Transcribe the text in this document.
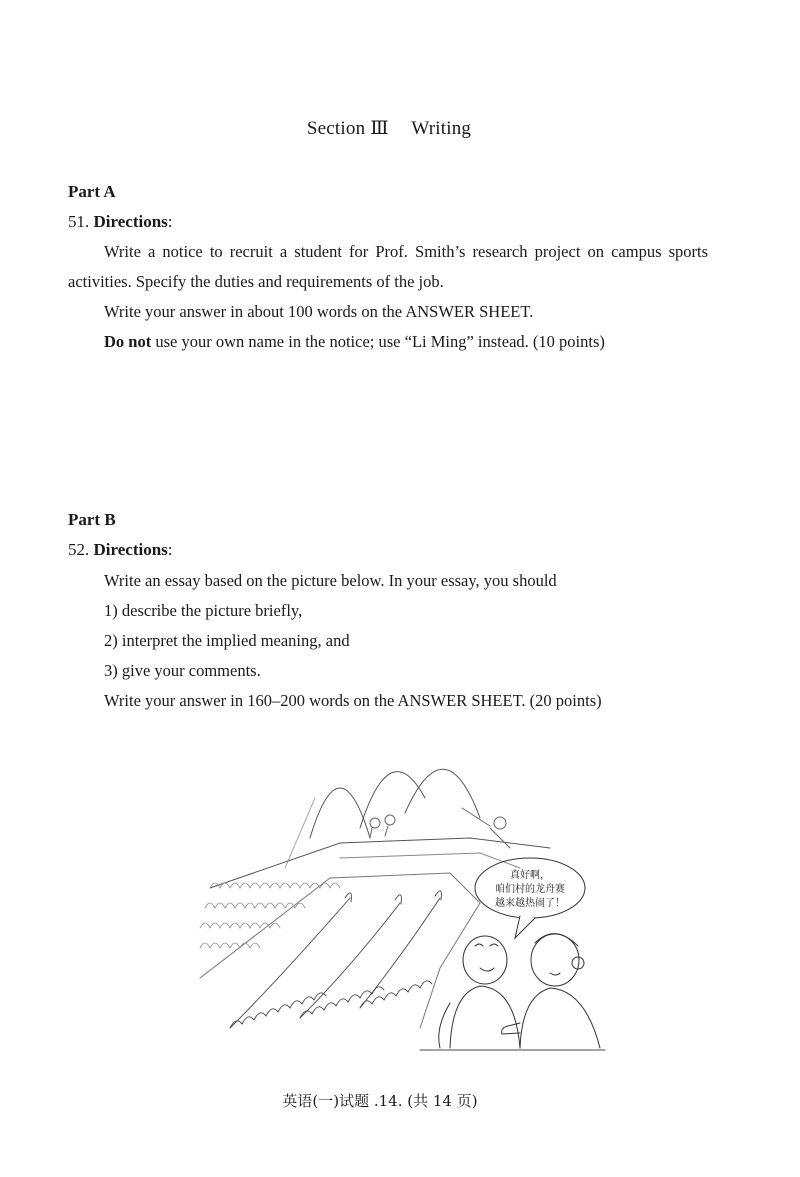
Section Ⅲ Writing
Part A
51. Directions:
Write a notice to recruit a student for Prof. Smith’s research project on campus sports activities. Specify the duties and requirements of the job.
Write your answer in about 100 words on the ANSWER SHEET.
Do not use your own name in the notice; use “Li Ming” instead. (10 points)
Part B
52. Directions:
Write an essay based on the picture below. In your essay, you should
1) describe the picture briefly,
2) interpret the implied meaning, and
3) give your comments.
Write your answer in 160–200 words on the ANSWER SHEET. (20 points)
真好啊，
咱们村的龙舟赛
越来越热闹了！
英语(一)试题 .14. (共 14 页)
